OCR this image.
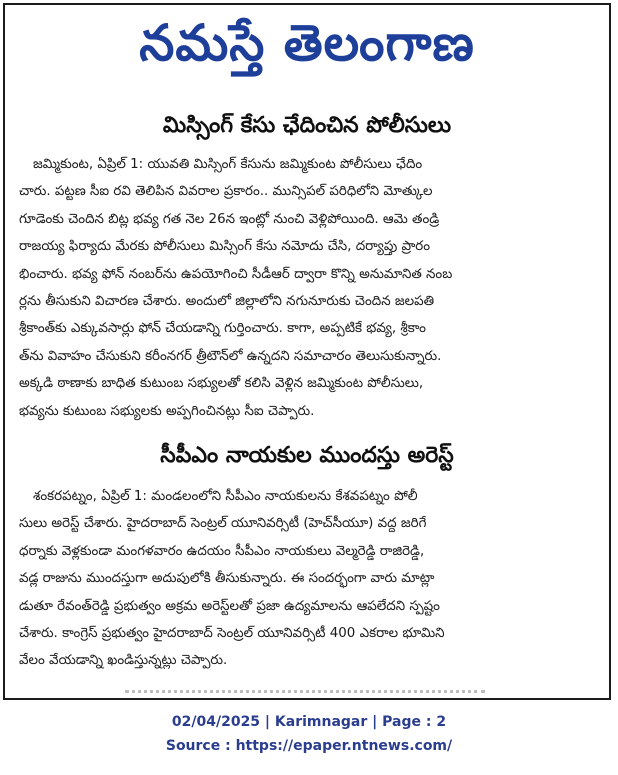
నమస్తే తెలంగాణ
మిస్సింగ్ కేసు ఛేదించిన పోలీసులు
జమ్మికుంట, ఏప్రిల్ 1: యువతి మిస్సింగ్ కేసును జమ్మికుంట పోలీసులు ఛేదిం
చారు. పట్టణ సీఐ రవి తెలిపిన వివరాల ప్రకారం.. మున్సిపల్ పరిధిలోని మోత్కుల
గూడెంకు చెందిన బిట్ల భవ్య గత నెల 26న ఇంట్లో నుంచి వెళ్లిపోయింది. ఆమె తండ్రి
రాజయ్య ఫిర్యాదు మేరకు పోలీసులు మిస్సింగ్ కేసు నమోదు చేసి, దర్యాప్తు ప్రారం
భించారు. భవ్య ఫోన్ నంబర్‌ను ఉపయోగించి సీడీఆర్ ద్వారా కొన్ని అనుమానిత నంబ
ర్లను తీసుకుని విచారణ చేశారు. అందులో జిల్లాలోని నగునూరుకు చెందిన జలపతి
శ్రీకాంత్‌కు ఎక్కువసార్లు ఫోన్ చేయడాన్ని గుర్తించారు. కాగా, అప్పటికే భవ్య, శ్రీకాం
త్‌ను వివాహం చేసుకుని కరీంనగర్ త్రీటౌన్‌లో ఉన్నదని సమాచారం తెలుసుకున్నారు.
అక్కడి ఠాణాకు బాధిత కుటుంబ సభ్యులతో కలిసి వెళ్లిన జమ్మికుంట పోలీసులు,
భవ్యను కుటుంబ సభ్యులకు అప్పగించినట్లు సీఐ చెప్పారు.
సీపీఎం నాయకుల ముందస్తు అరెస్ట్
శంకరపట్నం, ఏప్రిల్ 1: మండలంలోని సీపీఎం నాయకులను కేశవపట్నం పోలీ
సులు అరెస్ట్ చేశారు. హైదరాబాద్ సెంట్రల్ యూనివర్సిటీ (హెచ్‌సీయూ) వద్ద జరిగే
ధర్నాకు వెళ్లకుండా మంగళవారం ఉదయం సీపీఎం నాయకులు వెల్మరెడ్డి రాజిరెడ్డి,
వడ్ల రాజును ముందస్తుగా అదుపులోకి తీసుకున్నారు. ఈ సందర్భంగా వారు మాట్లా
డుతూ రేవంత్‌రెడ్డి ప్రభుత్వం అక్రమ అరెస్ట్‌లతో ప్రజా ఉద్యమాలను ఆపలేదని స్పష్టం
చేశారు. కాంగ్రెస్ ప్రభుత్వం హైదరాబాద్ సెంట్రల్ యూనివర్సిటీ 400 ఎకరాల భూమిని
వేలం వేయడాన్ని ఖండిస్తున్నట్లు చెప్పారు.
02/04/2025 | Karimnagar | Page : 2
Source : https://epaper.ntnews.com/
